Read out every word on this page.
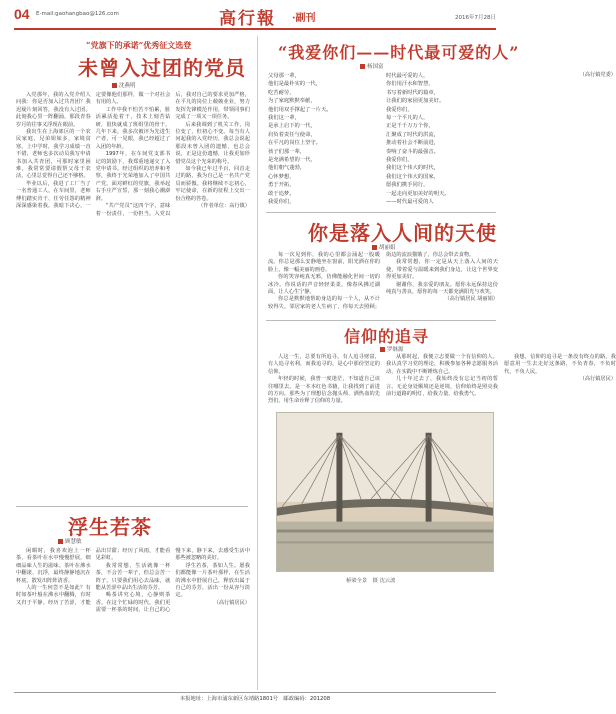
04 E-mail:gaohangbao@126.com	高行報 ·副刊	2016年7月28日
“党旗下的承诺”优秀征文选登
未曾入过团的党员
沈燕明

入党那年，我的入党介绍人问我：你是否加入过共青团？我迟疑片刻回答，我没有入过团。此刻我心里一阵翻涌，那段青春岁月的往事又浮现在眼前。

我出生在上海郊区的一个农民家庭，兄弟姐妹多，家境贫寒。上中学时，我学习成绩一直不错，老师也多次动员我写申请书加入共青团，可那时家里困难，我常常要请假帮父母干农活，心里总觉得自己还不够格。

毕业以后，我进了工厂当了一名普通工人。在车间里，老师傅们踏实肯干、任劳任怨的精神深深感染着我。我暗下决心，一定要像他们那样，做一个对社会有用的人。

工作中我不怕苦不怕累，脏活累活抢着干，技术上刻苦钻研，很快就成了班组里的骨干。几年下来，我多次被评为先进生产者，可一晃眼，我已经超过了入团的年龄。

1997年，在车间党支部书记的鼓励下，我郑重地递交了入党申请书。经过组织的培养和考察，我终于光荣地加入了中国共产党。面对鲜红的党旗，我举起右手庄严宣誓，那一刻我心潮澎湃。

“共产党员”这四个字，意味着一份责任，一份担当。入党以后，我对自己的要求更加严格，在平凡的岗位上兢兢业业，努力发挥先锋模范作用，带领同事们完成了一项又一项任务。

后来我调到了机关工作，岗位变了，但初心不变。每当有人问起我的入党经历，我总会说起那段未曾入团的遗憾，也总会说，正是这份遗憾，让我更加珍惜党员这个光荣的称号。

如今我已年过半百，回首走过的路，我为自己是一名共产党员而骄傲。我将继续不忘初心，牢记使命，在新的征程上交出一份合格的答卷。

（作者单位：高行镇）

“我爱你们——时代最可爱的人”
杨国富
父母那一辈，
他们是最朴实的一代，
吃苦耐劳，
为了家庭默默奉献，
他们用双手撑起了一片天。
我们这一辈，
是承上启下的一代，
肩负着责任与使命，
在平凡的岗位上坚守。
孩子们那一辈，
是充满希望的一代，
他们朝气蓬勃，
心怀梦想，
勇于开拓，
敢于追梦。
我爱你们，
时代最可爱的人，
你们用汗水和智慧，
书写着新时代的篇章，
让我们的家园更加美好。
我爱你们，
每一个平凡的人，
正是千千万万个你，
汇聚成了时代的洪流，
推动着社会不断前进，
奏响了奋斗的最强音。
我爱你们，
我们这个伟大的时代，
我们这个伟大的国家，
愿我们携手同行，
一起走向更加美好的明天。
——时代最可爱的人
（高行镇党委）
你是落入人间的天使
胡丽娟

每一次见到你，我的心里都会涌起一股暖流。你总是那么安静地坐在窗前，阳光洒在你的脸上，像一幅美丽的画卷。

你的笑容纯真无邪，仿佛能融化世间一切的冰冷。你说话的声音轻轻柔柔，像春风拂过湖面，让人心生宁静。

你总是默默地帮助身边的每一个人，从不计较得失。邻居家的老人生病了，你每天去照顾；街边的流浪猫饿了，你总会带去食物。

我常常想，你一定是从天上落入人间的天使，带着爱与温暖来到我们身边，让这个世界变得更加美好。

谢谢你，我亲爱的朋友。愿你永远保持这份纯真与善良，愿你的每一天都充满阳光与欢笑。

（高行镇居民 胡丽娟）

信仰的追寻
罗继源

人这一生，总要有所追寻。有人追寻财富，有人追寻名利，而我追寻的，是心中那份坚定的信仰。

年轻的时候，我曾一度迷茫，不知道自己该往哪里去。是一本本红色书籍，让我找到了前进的方向。那些为了理想信念抛头颅、洒热血的先烈们，用生命诠释了信仰的力量。

从那时起，我便立志要做一个有信仰的人。我认真学习党的理论，积极参加各种志愿服务活动，在实践中不断锤炼自己。

几十年过去了，我始终没有忘记当初的誓言。无论身处顺境还是逆境，信仰始终是照亮我前行道路的明灯，给我力量，给我勇气。

我想，信仰的追寻是一条没有终点的路。我愿意用一生去走好这条路，不负青春，不负时代，不负人民。

（高行镇居民）

桥梁全景　 摄 沈云波
浮生若茶
顾慧敏

闲暇时，我喜欢泡上一杯茶，看茶叶在水中慢慢舒展，细细品味人生的滋味。茶叶在沸水中翻滚、沉浮，最终静静地沉在杯底，散发出阵阵清香。

人的一生何尝不是如此？有时如茶叶般在沸水中翻腾，有时又归于平静。经历了苦涩，才能品出甘甜；经历了风雨，才能看见彩虹。

我常常想，生活就像一杯茶，不会苦一辈子，但总会苦一阵子。只要我们用心去品味，就能从苦涩中品出生活的芬芳。

喝茶讲究心境，心静则茶香。在这个忙碌的时代，我们更需要一杯茶的时间，让自己的心慢下来，静下来，去感受生活中那些被忽略的美好。

浮生若茶，茶如人生。愿我们都能像一片茶叶那样，在生活的沸水中舒展自己，释放出属于自己的芬芳，活出一份从容与淡定。

（高行镇居民）

本报地址：上海市浦东新区东靖路1801号　邮政编码：201208
